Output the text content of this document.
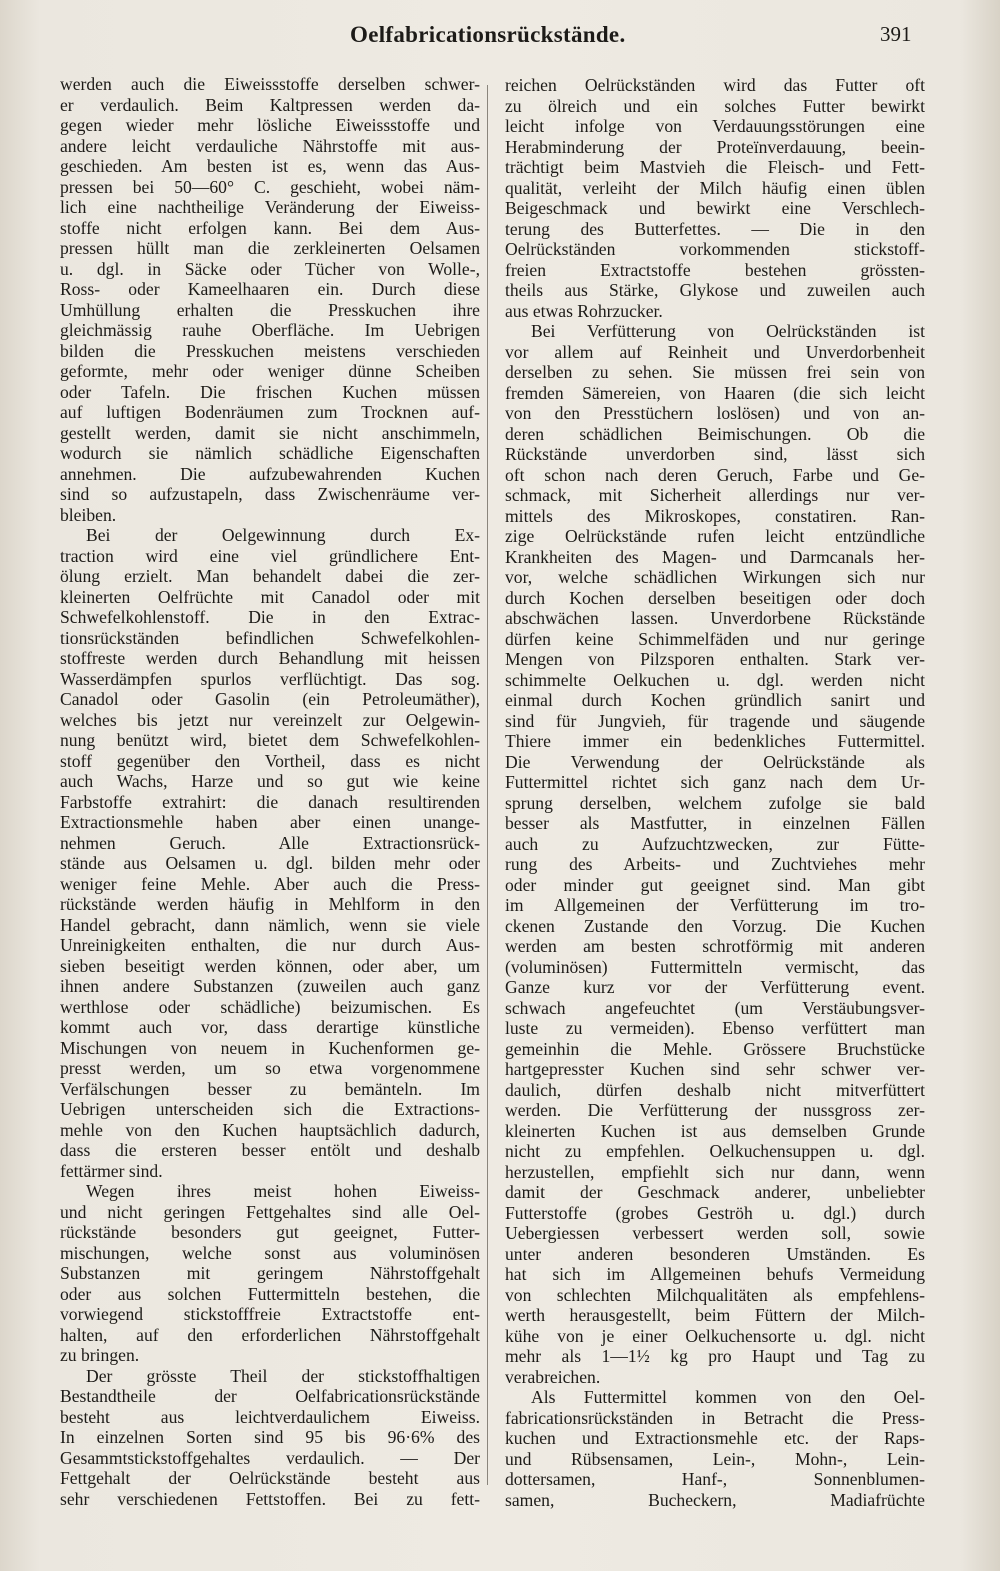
Oelfabricationsrückstände.	391
werden auch die Eiweissstoffe derselben schwer-
er verdaulich. Beim Kaltpressen werden da-
gegen wieder mehr lösliche Eiweissstoffe und
andere leicht verdauliche Nährstoffe mit aus-
geschieden. Am besten ist es, wenn das Aus-
pressen bei 50—60° C. geschieht, wobei näm-
lich eine nachtheilige Veränderung der Eiweiss-
stoffe nicht erfolgen kann. Bei dem Aus-
pressen hüllt man die zerkleinerten Oelsamen
u. dgl. in Säcke oder Tücher von Wolle-,
Ross- oder Kameelhaaren ein. Durch diese
Umhüllung erhalten die Presskuchen ihre
gleichmässig rauhe Oberfläche. Im Uebrigen
bilden die Presskuchen meistens verschieden
geformte, mehr oder weniger dünne Scheiben
oder Tafeln. Die frischen Kuchen müssen
auf luftigen Bodenräumen zum Trocknen auf-
gestellt werden, damit sie nicht anschimmeln,
wodurch sie nämlich schädliche Eigenschaften
annehmen. Die aufzubewahrenden Kuchen
sind so aufzustapeln, dass Zwischenräume ver-
bleiben.
Bei der Oelgewinnung durch Ex-
traction wird eine viel gründlichere Ent-
ölung erzielt. Man behandelt dabei die zer-
kleinerten Oelfrüchte mit Canadol oder mit
Schwefelkohlenstoff. Die in den Extrac-
tionsrückständen befindlichen Schwefelkohlen-
stoffreste werden durch Behandlung mit heissen
Wasserdämpfen spurlos verflüchtigt. Das sog.
Canadol oder Gasolin (ein Petroleumäther),
welches bis jetzt nur vereinzelt zur Oelgewin-
nung benützt wird, bietet dem Schwefelkohlen-
stoff gegenüber den Vortheil, dass es nicht
auch Wachs, Harze und so gut wie keine
Farbstoffe extrahirt: die danach resultirenden
Extractionsmehle haben aber einen unange-
nehmen Geruch. Alle Extractionsrück-
stände aus Oelsamen u. dgl. bilden mehr oder
weniger feine Mehle. Aber auch die Press-
rückstände werden häufig in Mehlform in den
Handel gebracht, dann nämlich, wenn sie viele
Unreinigkeiten enthalten, die nur durch Aus-
sieben beseitigt werden können, oder aber, um
ihnen andere Substanzen (zuweilen auch ganz
werthlose oder schädliche) beizumischen. Es
kommt auch vor, dass derartige künstliche
Mischungen von neuem in Kuchenformen ge-
presst werden, um so etwa vorgenommene
Verfälschungen besser zu bemänteln. Im
Uebrigen unterscheiden sich die Extractions-
mehle von den Kuchen hauptsächlich dadurch,
dass die ersteren besser entölt und deshalb
fettärmer sind.
Wegen ihres meist hohen Eiweiss-
und nicht geringen Fettgehaltes sind alle Oel-
rückstände besonders gut geeignet, Futter-
mischungen, welche sonst aus voluminösen
Substanzen mit geringem Nährstoffgehalt
oder aus solchen Futtermitteln bestehen, die
vorwiegend stickstofffreie Extractstoffe ent-
halten, auf den erforderlichen Nährstoffgehalt
zu bringen.
Der grösste Theil der stickstoffhaltigen
Bestandtheile der Oelfabricationsrückstände
besteht aus leichtverdaulichem Eiweiss.
In einzelnen Sorten sind 95 bis 96·6% des
Gesammtstickstoffgehaltes verdaulich. — Der
Fettgehalt der Oelrückstände besteht aus
sehr verschiedenen Fettstoffen. Bei zu fett-
reichen Oelrückständen wird das Futter oft
zu ölreich und ein solches Futter bewirkt
leicht infolge von Verdauungsstörungen eine
Herabminderung der Proteïnverdauung, beein-
trächtigt beim Mastvieh die Fleisch- und Fett-
qualität, verleiht der Milch häufig einen üblen
Beigeschmack und bewirkt eine Verschlech-
terung des Butterfettes. — Die in den
Oelrückständen vorkommenden stickstoff-
freien Extractstoffe bestehen grössten-
theils aus Stärke, Glykose und zuweilen auch
aus etwas Rohrzucker.
Bei Verfütterung von Oelrückständen ist
vor allem auf Reinheit und Unverdorbenheit
derselben zu sehen. Sie müssen frei sein von
fremden Sämereien, von Haaren (die sich leicht
von den Presstüchern loslösen) und von an-
deren schädlichen Beimischungen. Ob die
Rückstände unverdorben sind, lässt sich
oft schon nach deren Geruch, Farbe und Ge-
schmack, mit Sicherheit allerdings nur ver-
mittels des Mikroskopes, constatiren. Ran-
zige Oelrückstände rufen leicht entzündliche
Krankheiten des Magen- und Darmcanals her-
vor, welche schädlichen Wirkungen sich nur
durch Kochen derselben beseitigen oder doch
abschwächen lassen. Unverdorbene Rückstände
dürfen keine Schimmelfäden und nur geringe
Mengen von Pilzsporen enthalten. Stark ver-
schimmelte Oelkuchen u. dgl. werden nicht
einmal durch Kochen gründlich sanirt und
sind für Jungvieh, für tragende und säugende
Thiere immer ein bedenkliches Futtermittel.
Die Verwendung der Oelrückstände als
Futtermittel richtet sich ganz nach dem Ur-
sprung derselben, welchem zufolge sie bald
besser als Mastfutter, in einzelnen Fällen
auch zu Aufzuchtzwecken, zur Fütte-
rung des Arbeits- und Zuchtviehes mehr
oder minder gut geeignet sind. Man gibt
im Allgemeinen der Verfütterung im tro-
ckenen Zustande den Vorzug. Die Kuchen
werden am besten schrotförmig mit anderen
(voluminösen) Futtermitteln vermischt, das
Ganze kurz vor der Verfütterung event.
schwach angefeuchtet (um Verstäubungsver-
luste zu vermeiden). Ebenso verfüttert man
gemeinhin die Mehle. Grössere Bruchstücke
hartgepresster Kuchen sind sehr schwer ver-
daulich, dürfen deshalb nicht mitverfüttert
werden. Die Verfütterung der nussgross zer-
kleinerten Kuchen ist aus demselben Grunde
nicht zu empfehlen. Oelkuchensuppen u. dgl.
herzustellen, empfiehlt sich nur dann, wenn
damit der Geschmack anderer, unbeliebter
Futterstoffe (grobes Geströh u. dgl.) durch
Uebergiessen verbessert werden soll, sowie
unter anderen besonderen Umständen. Es
hat sich im Allgemeinen behufs Vermeidung
von schlechten Milchqualitäten als empfehlens-
werth herausgestellt, beim Füttern der Milch-
kühe von je einer Oelkuchensorte u. dgl. nicht
mehr als 1—1½ kg pro Haupt und Tag zu
verabreichen.
Als Futtermittel kommen von den Oel-
fabricationsrückständen in Betracht die Press-
kuchen und Extractionsmehle etc. der Raps-
und Rübsensamen, Lein-, Mohn-, Lein-
dottersamen, Hanf-, Sonnenblumen-
samen, Bucheckern, Madiafrüchte
